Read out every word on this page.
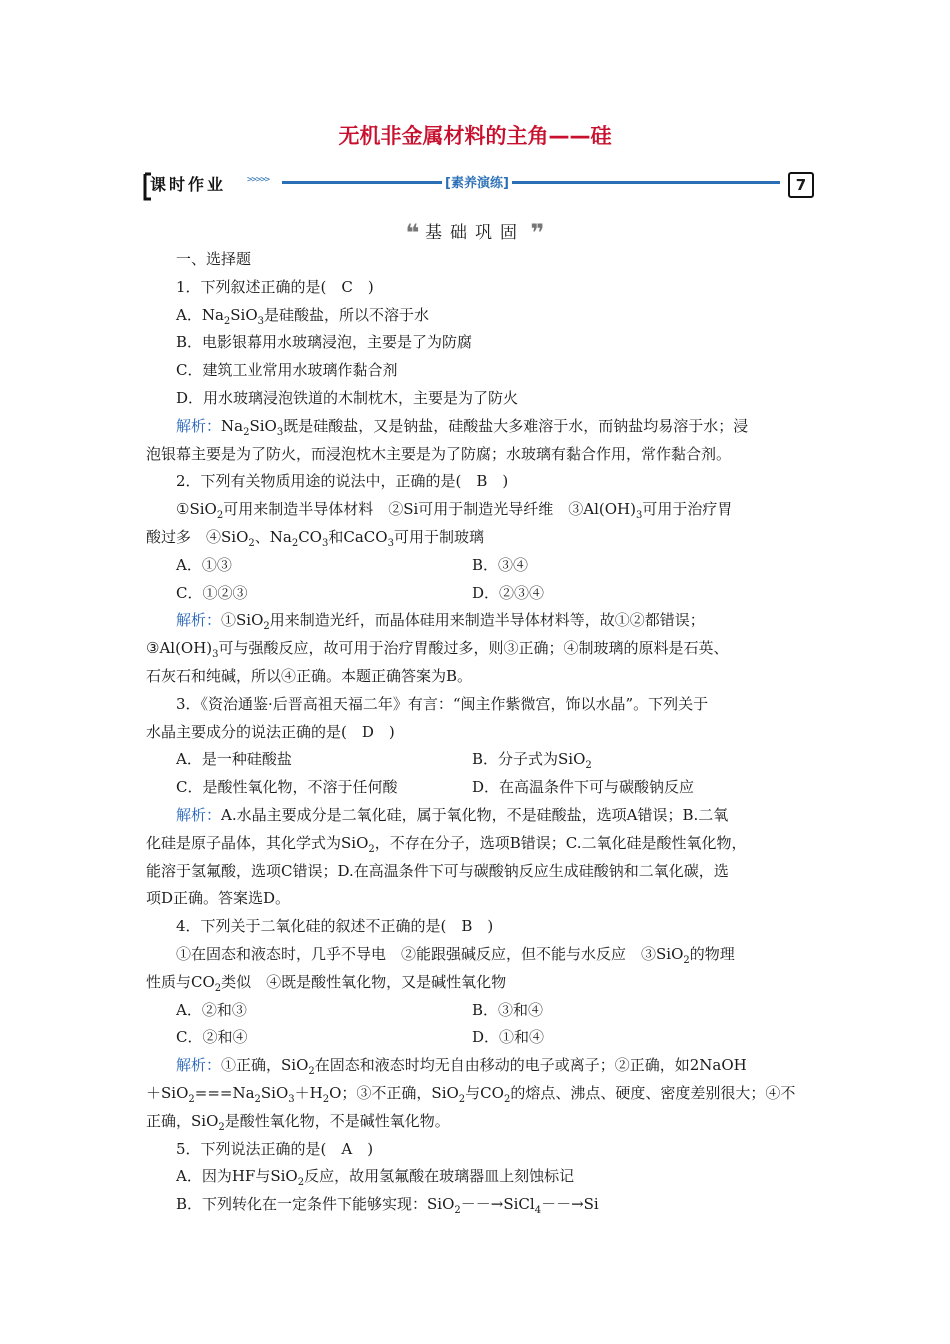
无机非金属材料的主角——硅
课时作业 >>>>>	[素养演练]	7
❝ 基础巩固 ❞
一、选择题
1．下列叙述正确的是(　C　)
A．$Na_2SiO_3$是硅酸盐，所以不溶于水
B．电影银幕用水玻璃浸泡，主要是了为防腐
C．建筑工业常用水玻璃作黏合剂
D．用水玻璃浸泡铁道的木制枕木，主要是为了防火
解析：$Na_2SiO_3$既是硅酸盐，又是钠盐，硅酸盐大多难溶于水，而钠盐均易溶于水；浸
泡银幕主要是为了防火，而浸泡枕木主要是为了防腐；水玻璃有黏合作用，常作黏合剂。
2．下列有关物质用途的说法中，正确的是(　B　)
①SiO$_2$可用来制造半导体材料　②Si可用于制造光导纤维　$③Al(OH)_3$可用于治疗胃
酸过多　④SiO$_2$、$Na_2CO_3$和CaCO$_3$可用于制玻璃
A．①③	B．③④
C．①②③	D．②③④
解析：①SiO$_2$用来制造光纤，而晶体硅用来制造半导体材料等，故①②都错误；
$③Al(OH)_3$可与强酸反应，故可用于治疗胃酸过多，则③正确；④制玻璃的原料是石英、
石灰石和纯碱，所以④正确。本题正确答案为B。
3．《资治通鉴·后晋高祖天福二年》有言：“闽主作紫微宫，饰以水晶”。下列关于
水晶主要成分的说法正确的是(　D　)
A．是一种硅酸盐	B．分子式为SiO$_2$
C．是酸性氧化物，不溶于任何酸	D．在高温条件下可与碳酸钠反应
解析：A.水晶主要成分是二氧化硅，属于氧化物，不是硅酸盐，选项A错误；B.二氧
化硅是原子晶体，其化学式为SiO$_2$，不存在分子，选项B错误；C.二氧化硅是酸性氧化物，
能溶于氢氟酸，选项C错误；D.在高温条件下可与碳酸钠反应生成硅酸钠和二氧化碳，选
项D正确。答案选D。
4．下列关于二氧化硅的叙述不正确的是(　B　)
①在固态和液态时，几乎不导电　②能跟强碱反应，但不能与水反应　③SiO$_2$的物理
性质与$CO_2$类似　④既是酸性氧化物，又是碱性氧化物
A．②和③	B．③和④
C．②和④	D．①和④
解析：①正确，SiO$_2$在固态和液态时均无自由移动的电子或离子；②正确，如2NaOH
$+SiO_2===Na_2SiO_3+H_2O$；③不正确，SiO$_2$与$CO_2$的熔点、沸点、硬度、密度差别很大；④不
正确，SiO$_2$是酸性氧化物，不是碱性氧化物。
5．下列说法正确的是(　A　)
A．因为HF与SiO$_2$反应，故用氢氟酸在玻璃器皿上刻蚀标记
B．下列转化在一定条件下能够实现：SiO$_2$－－→SiCl$_4$－－→Si
